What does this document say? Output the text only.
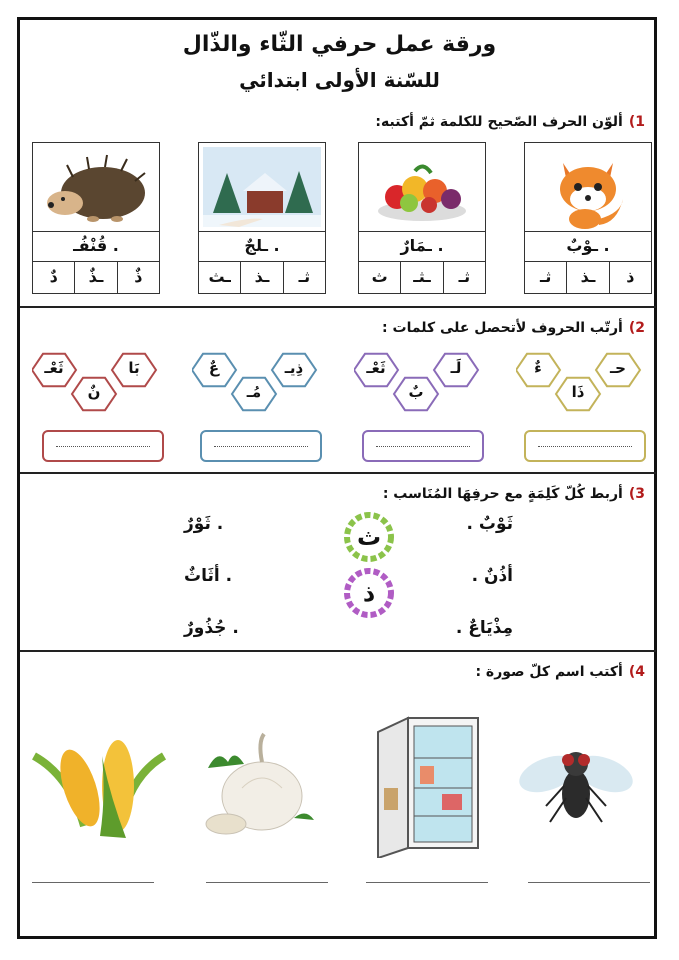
ورقة عمل حرفي الثّاء والذّال
للسّنة الأولى ابتدائي
1)ألوّن الحرف الصّحيح للكلمة ثمّ أكتبه:
. ـوْبٌ
ذ
ـذ
ثـ
. ـمَارٌ
ثـ
ـثـ
ث
. ـلجٌ
ثـ
ـذ
ـث
. قُنْفُـ
ذٌ
ـذٌ
دٌ
2)أرتّب الحروف لأتحصل على كلمات :
حـ
ءٌ
ذَا
لَـ
ثَعْـ
بٌ
ذِيـ
عٌ
مُـ
بَا
ثَعْـ
نٌ
3)أربط كُلّ كَلِمَةٍ مع حرفِهَا المُنَاسب :
ثَوْبٌ .
أذُنٌ .
مِذْيَاعٌ .
. ثَوْرٌ
. أثَاثٌ
. جُذُورٌ
ث
ذ
4)أكتب اسم كلّ صورة :
